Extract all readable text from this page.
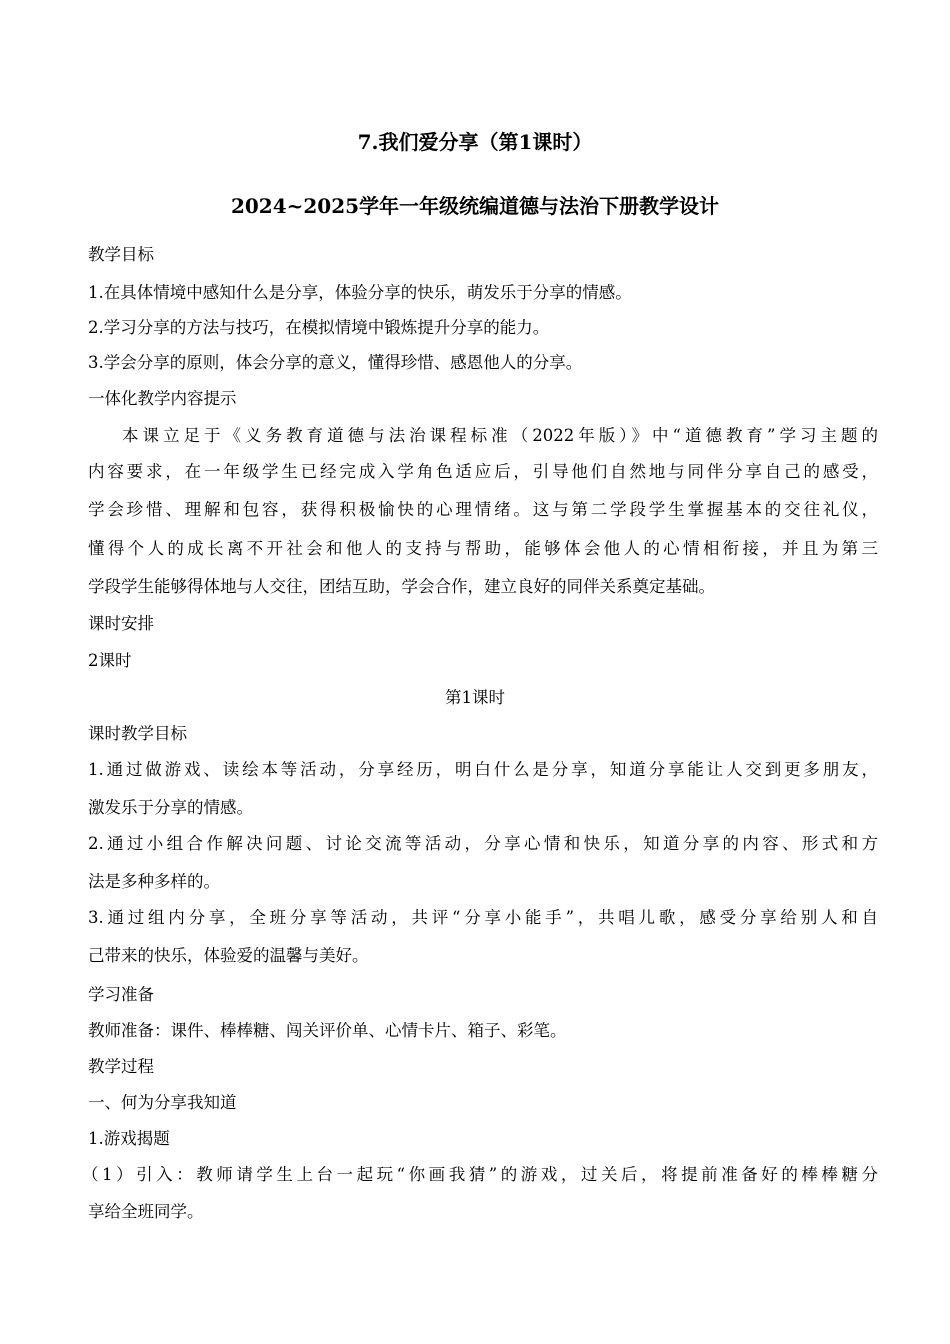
7.我们爱分享（第1课时）
2024~2025学年一年级统编道德与法治下册教学设计
教学目标
1.在具体情境中感知什么是分享，体验分享的快乐，萌发乐于分享的情感。
2.学习分享的方法与技巧，在模拟情境中锻炼提升分享的能力。
3.学会分享的原则，体会分享的意义，懂得珍惜、感恩他人的分享。
一体化教学内容提示
本课立足于《义务教育道德与法治课程标准（2022年版）》中“道德教育”学习主题的
内容要求，在一年级学生已经完成入学角色适应后，引导他们自然地与同伴分享自己的感受，
学会珍惜、理解和包容，获得积极愉快的心理情绪。这与第二学段学生掌握基本的交往礼仪，
懂得个人的成长离不开社会和他人的支持与帮助，能够体会他人的心情相衔接，并且为第三
学段学生能够得体地与人交往，团结互助，学会合作，建立良好的同伴关系奠定基础。
课时安排
2课时
第1课时
课时教学目标
1.通过做游戏、读绘本等活动，分享经历，明白什么是分享，知道分享能让人交到更多朋友，
激发乐于分享的情感。
2.通过小组合作解决问题、讨论交流等活动，分享心情和快乐，知道分享的内容、形式和方
法是多种多样的。
3.通过组内分享，全班分享等活动，共评“分享小能手”，共唱儿歌，感受分享给别人和自
己带来的快乐，体验爱的温馨与美好。
学习准备
教师准备：课件、棒棒糖、闯关评价单、心情卡片、箱子、彩笔。
教学过程
一、何为分享我知道
1.游戏揭题
（1）引入：教师请学生上台一起玩“你画我猜”的游戏，过关后，将提前准备好的棒棒糖分
享给全班同学。
